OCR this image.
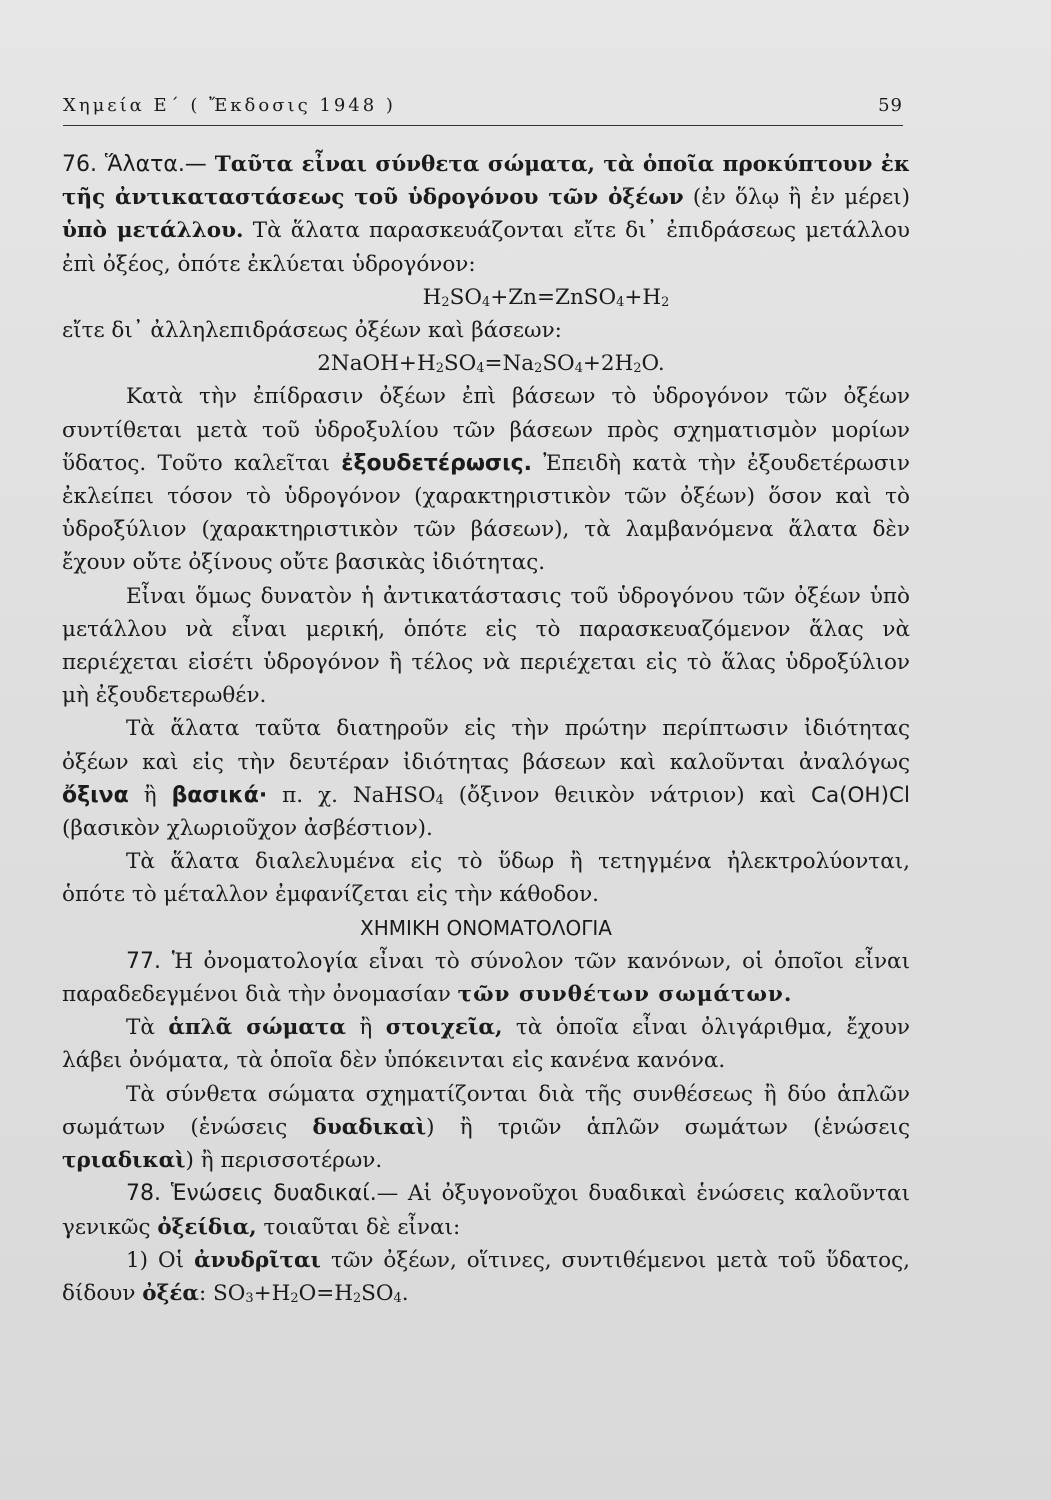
Χημεία Ε΄ ( Ἔκδοσις 1948 )	59

76. Ἅλατα.— Ταῦτα εἶναι σύνθετα σώματα, τὰ ὁποῖα προκύπτουν ἐκ τῆς ἀντικαταστάσεως τοῦ ὑδρογόνου τῶν ὀξέων (ἐν ὅλῳ ἢ ἐν μέρει) ὑπὸ μετάλλου. Τὰ ἅλατα παρασκευάζονται εἴτε δι᾽ ἐπιδράσεως μετάλλου ἐπὶ ὀξέος, ὁπότε ἐκλύεται ὑδρογόνον:

$H_2SO_4+Zn=ZnSO_4+H_2$

εἴτε δι᾽ ἀλληλεπιδράσεως ὀξέων καὶ βάσεων:

$2NaOH+H_2SO_4=Na_2SO_4+2H_2O$.

Κατὰ τὴν ἐπίδρασιν ὀξέων ἐπὶ βάσεων τὸ ὑδρογόνον τῶν ὀξέων συντίθεται μετὰ τοῦ ὑδροξυλίου τῶν βάσεων πρὸς σχηματισμὸν μορίων ὕδατος. Τοῦτο καλεῖται ἐξουδετέρωσις. Ἐπειδὴ κατὰ τὴν ἐξουδετέρωσιν ἐκλείπει τόσον τὸ ὑδρογόνον (χαρακτηριστικὸν τῶν ὀξέων) ὅσον καὶ τὸ ὑδροξύλιον (χαρακτηριστικὸν τῶν βάσεων), τὰ λαμβανόμενα ἅλατα δὲν ἔχουν οὔτε ὀξίνους οὔτε βασικὰς ἰδιότητας.

Εἶναι ὅμως δυνατὸν ἡ ἀντικατάστασις τοῦ ὑδρογόνου τῶν ὀξέων ὑπὸ μετάλλου νὰ εἶναι μερική, ὁπότε εἰς τὸ παρασκευαζόμενον ἅλας νὰ περιέχεται εἰσέτι ὑδρογόνον ἢ τέλος νὰ περιέχεται εἰς τὸ ἅλας ὑδροξύλιον μὴ ἐξουδετερωθέν.

Τὰ ἅλατα ταῦτα διατηροῦν εἰς τὴν πρώτην περίπτωσιν ἰδιότητας ὀξέων καὶ εἰς τὴν δευτέραν ἰδιότητας βάσεων καὶ καλοῦνται ἀναλόγως ὄξινα ἢ βασικά· π. χ. NaHSO$_4$ (ὄξινον θειικὸν νάτριον) καὶ Ca(OH)Cl (βασικὸν χλωριοῦχον ἀσβέστιον).

Τὰ ἅλατα διαλελυμένα εἰς τὸ ὕδωρ ἢ τετηγμένα ἠλεκτρολύονται, ὁπότε τὸ μέταλλον ἐμφανίζεται εἰς τὴν κάθοδον.

ΧΗΜΙΚΗ ΟΝΟΜΑΤΟΛΟΓΙΑ

77. Ἡ ὀνοματολογία εἶναι τὸ σύνολον τῶν κανόνων, οἱ ὁποῖοι εἶναι παραδεδεγμένοι διὰ τὴν ὀνομασίαν τῶν συνθέτων σωμάτων.

Τὰ ἁπλᾶ σώματα ἢ στοιχεῖα, τὰ ὁποῖα εἶναι ὀλιγάριθμα, ἔχουν λάβει ὀνόματα, τὰ ὁποῖα δὲν ὑπόκεινται εἰς κανένα κανόνα.

Τὰ σύνθετα σώματα σχηματίζονται διὰ τῆς συνθέσεως ἢ δύο ἁπλῶν σωμάτων (ἑνώσεις δυαδικαὶ) ἢ τριῶν ἁπλῶν σωμάτων (ἑνώσεις τριαδικαὶ) ἢ περισσοτέρων.

78. Ἑνώσεις δυαδικαί.— Αἱ ὀξυγονοῦχοι δυαδικαὶ ἑνώσεις καλοῦνται γενικῶς ὀξείδια, τοιαῦται δὲ εἶναι:

1) Οἱ ἀνυδρῖται τῶν ὀξέων, οἵτινες, συντιθέμενοι μετὰ τοῦ ὕδατος, δίδουν ὀξέα: $SO_3+H_2O=H_2SO_4$.
